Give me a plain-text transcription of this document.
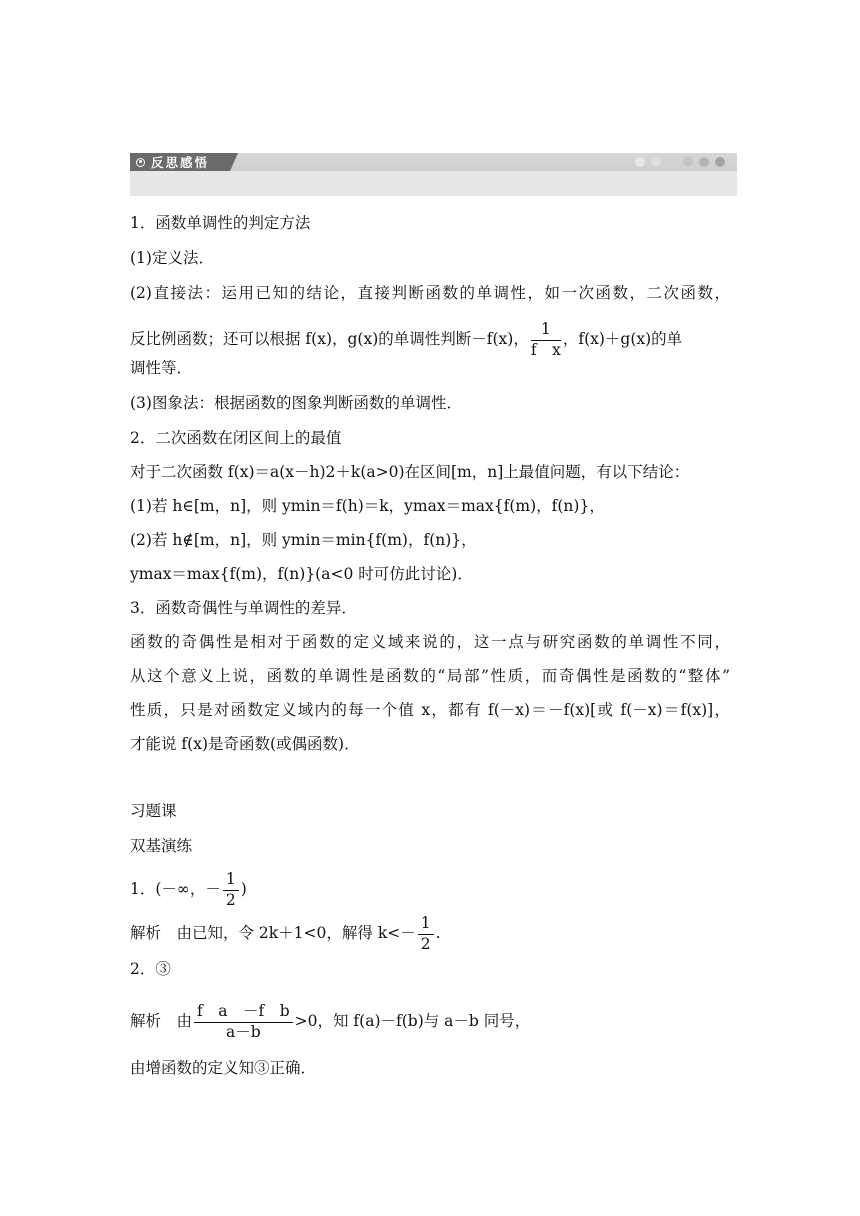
反思感悟
1．函数单调性的判定方法
(1)定义法．
(2)直接法：运用已知的结论，直接判断函数的单调性，如一次函数，二次函数，
反比例函数；还可以根据 f(x)，g(x)的单调性判断－f(x)， $\frac{1}{\text{f　x}}$ ，f(x)＋g(x)的单
调性等．
(3)图象法：根据函数的图象判断函数的单调性．
2．二次函数在闭区间上的最值
对于二次函数 f(x)＝a(x－h)2＋k(a>0)在区间[m，n]上最值问题，有以下结论：
(1)若 h∈[m，n]，则 ymin＝f(h)＝k，ymax＝max{f(m)，f(n)}，
(2)若 h∉[m，n]，则 ymin＝min{f(m)，f(n)}，
ymax＝max{f(m)，f(n)}(a<0 时可仿此讨论)．
3．函数奇偶性与单调性的差异．
函数的奇偶性是相对于函数的定义域来说的，这一点与研究函数的单调性不同，
从这个意义上说，函数的单调性是函数的“局部”性质，而奇偶性是函数的“整体”
性质，只是对函数定义域内的每一个值 x，都有 f(－x)＝－f(x)[或 f(－x)＝f(x)]，
才能说 f(x)是奇函数(或偶函数)．
习题课
双基演练
1．(－∞，－ $\frac{1}{2}$ )
解析　由已知，令 2k＋1<0，解得 $k<- \frac{1}{2}$ .
2．③
解析　由 $\frac{\text{f　a　－f　b}}{a-b} >0$，知 f(a)－f(b)与 a－b 同号，
由增函数的定义知③正确．
